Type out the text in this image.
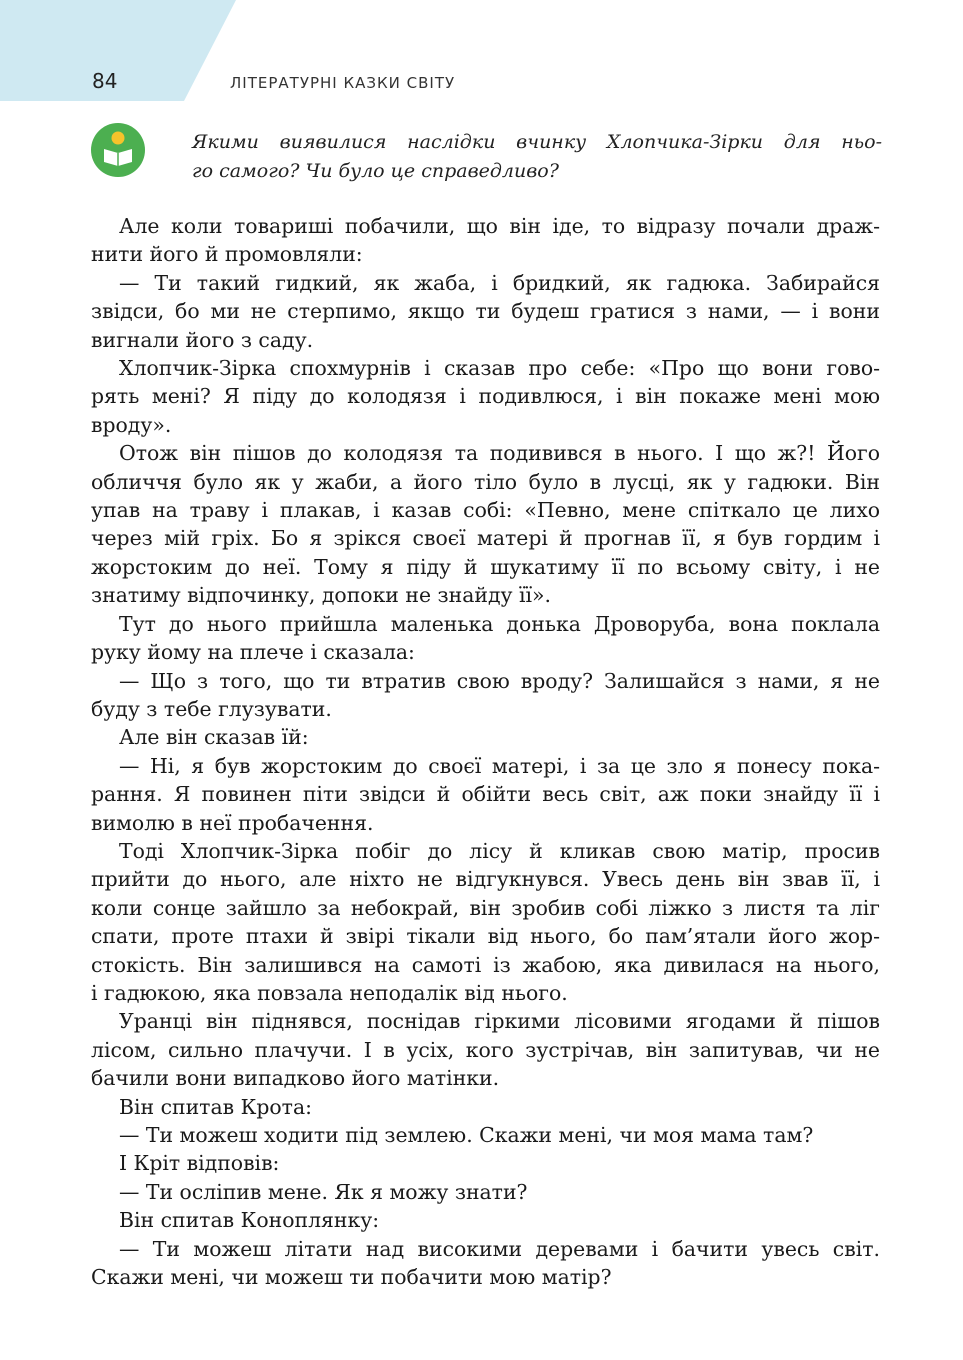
84	ЛІТЕРАТУРНІ КАЗКИ СВІТУ
Якими виявилися наслідки вчинку Хлопчика-Зірки для ньо-
го самого? Чи було це справедливо?
Але коли товариші побачили, що він іде, то відразу почали драж-
нити його й промовляли:
— Ти такий гидкий, як жаба, і бридкий, як гадюка. Забирайся
звідси, бо ми не стерпимо, якщо ти будеш гратися з нами, — і вони
вигнали його з саду.
Хлопчик-Зірка спохмурнів і сказав про себе: «Про що вони гово-
рять мені? Я піду до колодязя і подивлюся, і він покаже мені мою
вроду».
Отож він пішов до колодязя та подивився в нього. І що ж?! Його
обличчя було як у жаби, а його тіло було в лусці, як у гадюки. Він
упав на траву і плакав, і казав собі: «Певно, мене спіткало це лихо
через мій гріх. Бо я зрікся своєї матері й прогнав її, я був гордим і
жорстоким до неї. Тому я піду й шукатиму її по всьому світу, і не
знатиму відпочинку, допоки не знайду її».
Тут до нього прийшла маленька донька Дроворуба, вона поклала
руку йому на плече і сказала:
— Що з того, що ти втратив свою вроду? Залишайся з нами, я не
буду з тебе глузувати.
Але він сказав їй:
— Ні, я був жорстоким до своєї матері, і за це зло я понесу пока-
рання. Я повинен піти звідси й обійти весь світ, аж поки знайду її і
вимолю в неї пробачення.
Тоді Хлопчик-Зірка побіг до лісу й кликав свою матір, просив
прийти до нього, але ніхто не відгукнувся. Увесь день він звав її, і
коли сонце зайшло за небокрай, він зробив собі ліжко з листя та ліг
спати, проте птахи й звірі тікали від нього, бо пам’ятали його жор-
стокість. Він залишився на самоті із жабою, яка дивилася на нього,
і гадюкою, яка повзала неподалік від нього.
Уранці він піднявся, поснідав гіркими лісовими ягодами й пішов
лісом, сильно плачучи. І в усіх, кого зустрічав, він запитував, чи не
бачили вони випадково його матінки.
Він спитав Крота:
— Ти можеш ходити під землею. Скажи мені, чи моя мама там?
І Кріт відповів:
— Ти осліпив мене. Як я можу знати?
Він спитав Коноплянку:
— Ти можеш літати над високими деревами і бачити увесь світ.
Скажи мені, чи можеш ти побачити мою матір?
